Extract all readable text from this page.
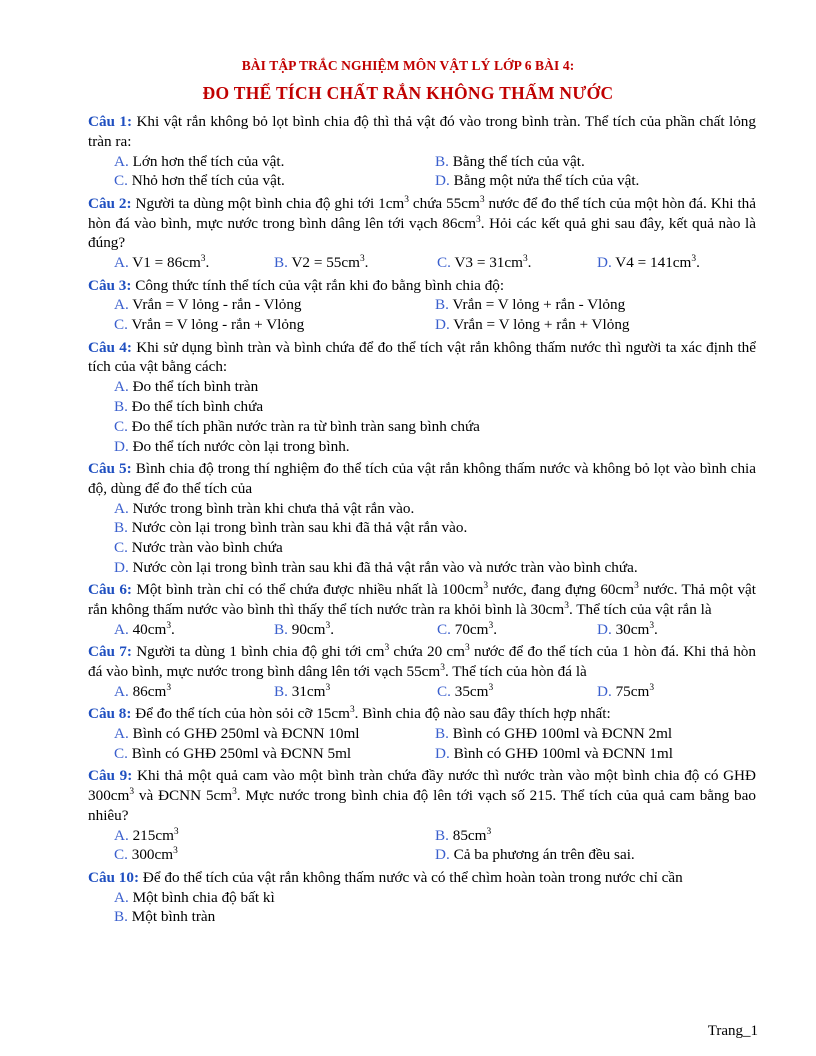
BÀI TẬP TRẮC NGHIỆM MÔN VẬT LÝ LỚP 6 BÀI 4:
ĐO THỂ TÍCH CHẤT RẮN KHÔNG THẤM NƯỚC
Câu 1: Khi vật rắn không bỏ lọt bình chia độ thì thả vật đó vào trong bình tràn. Thể tích của phần chất lỏng tràn ra:
A. Lớn hơn thể tích của vật.	B. Bằng thể tích của vật.
C. Nhỏ hơn thể tích của vật.	D. Bằng một nửa thể tích của vật.
Câu 2: Người ta dùng một bình chia độ ghi tới $1cm^3$ chứa $55cm^3$ nước để đo thể tích của một hòn đá. Khi thả hòn đá vào bình, mực nước trong bình dâng lên tới vạch $86cm^3$. Hỏi các kết quả ghi sau đây, kết quả nào là đúng?
A. $V1 = 86cm^3$.	B. $V2 = 55cm^3$.	C. $V3 = 31cm^3$.	D. $V4 = 141cm^3$.
Câu 3: Công thức tính thể tích của vật rắn khi đo bằng bình chia độ:
A. Vrắn = V lỏng - rắn - Vlỏng	B. Vrắn = V lỏng + rắn - Vlỏng
C. Vrắn = V lỏng - rắn + Vlỏng	D. Vrắn = V lỏng + rắn + Vlỏng
Câu 4: Khi sử dụng bình tràn và bình chứa để đo thể tích vật rắn không thấm nước thì người ta xác định thể tích của vật bằng cách:
A. Đo thể tích bình tràn
B. Đo thể tích bình chứa
C. Đo thể tích phần nước tràn ra từ bình tràn sang bình chứa
D. Đo thể tích nước còn lại trong bình.
Câu 5: Bình chia độ trong thí nghiệm đo thể tích của vật rắn không thấm nước và không bỏ lọt vào bình chia độ, dùng để đo thể tích của
A. Nước trong bình tràn khi chưa thả vật rắn vào.
B. Nước còn lại trong bình tràn sau khi đã thả vật rắn vào.
C. Nước tràn vào bình chứa
D. Nước còn lại trong bình tràn sau khi đã thả vật rắn vào và nước tràn vào bình chứa.
Câu 6: Một bình tràn chỉ có thể chứa được nhiều nhất là $100cm^3$ nước, đang đựng $60cm^3$ nước. Thả một vật rắn không thấm nước vào bình thì thấy thể tích nước tràn ra khỏi bình là $30cm^3$. Thể tích của vật rắn là
A. $40cm^3$.	B. $90cm^3$.	C. $70cm^3$.	D. $30cm^3$.
Câu 7: Người ta dùng 1 bình chia độ ghi tới $cm^3$ chứa 20 $cm^3$ nước để đo thể tích của 1 hòn đá. Khi thả hòn đá vào bình, mực nước trong bình dâng lên tới vạch $55cm^3$. Thể tích của hòn đá là
A. $86cm^3$	B. $31cm^3$	C. $35cm^3$	D. $75cm^3$
Câu 8: Để đo thể tích của hòn sỏi cỡ $15cm^3$. Bình chia độ nào sau đây thích hợp nhất:
A. Bình có GHĐ 250ml và ĐCNN 10ml	B. Bình có GHĐ 100ml và ĐCNN 2ml
C. Bình có GHĐ 250ml và ĐCNN 5ml	D. Bình có GHĐ 100ml và ĐCNN 1ml
Câu 9: Khi thả một quả cam vào một bình tràn chứa đầy nước thì nước tràn vào một bình chia độ có GHĐ $300cm^3$ và ĐCNN $5cm^3$. Mực nước trong bình chia độ lên tới vạch số 215. Thể tích của quả cam bằng bao nhiêu?
A. $215cm^3$	B. $85cm^3$
C. $300cm^3$	D. Cả ba phương án trên đều sai.
Câu 10: Để đo thể tích của vật rắn không thấm nước và có thể chìm hoàn toàn trong nước chỉ cần
A. Một bình chia độ bất kì
B. Một bình tràn
Trang_1
